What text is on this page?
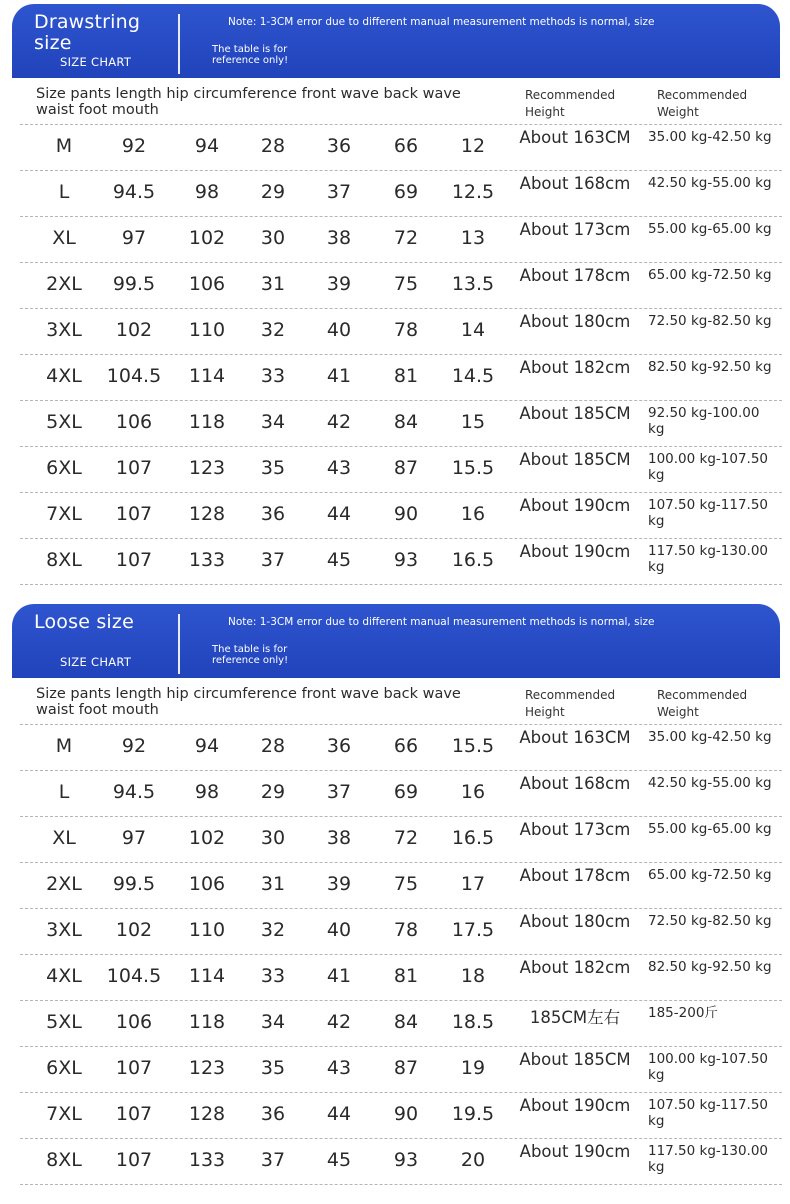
Drawstring size
SIZE CHART
Note: 1-3CM error due to different manual measurement methods is normal, size
The table is for reference only!
Size pants length hip circumference front wave back wave waist foot mouth
Recommended Height
Recommended Weight
M	92	94	28	36	66	12	About 163CM	35.00 kg-42.50 kg
L	94.5	98	29	37	69	12.5	About 168cm	42.50 kg-55.00 kg
XL	97	102	30	38	72	13	About 173cm	55.00 kg-65.00 kg
2XL	99.5	106	31	39	75	13.5	About 178cm	65.00 kg-72.50 kg
3XL	102	110	32	40	78	14	About 180cm	72.50 kg-82.50 kg
4XL	104.5	114	33	41	81	14.5	About 182cm	82.50 kg-92.50 kg
5XL	106	118	34	42	84	15	About 185CM	92.50 kg-100.00 kg
6XL	107	123	35	43	87	15.5	About 185CM	100.00 kg-107.50 kg
7XL	107	128	36	44	90	16	About 190cm	107.50 kg-117.50 kg
8XL	107	133	37	45	93	16.5	About 190cm	117.50 kg-130.00 kg
Loose size
SIZE CHART
Note: 1-3CM error due to different manual measurement methods is normal, size
The table is for reference only!
Size pants length hip circumference front wave back wave waist foot mouth
Recommended Height
Recommended Weight
M	92	94	28	36	66	15.5	About 163CM	35.00 kg-42.50 kg
L	94.5	98	29	37	69	16	About 168cm	42.50 kg-55.00 kg
XL	97	102	30	38	72	16.5	About 173cm	55.00 kg-65.00 kg
2XL	99.5	106	31	39	75	17	About 178cm	65.00 kg-72.50 kg
3XL	102	110	32	40	78	17.5	About 180cm	72.50 kg-82.50 kg
4XL	104.5	114	33	41	81	18	About 182cm	82.50 kg-92.50 kg
5XL	106	118	34	42	84	18.5	185CM左右	185-200斤
6XL	107	123	35	43	87	19	About 185CM	100.00 kg-107.50 kg
7XL	107	128	36	44	90	19.5	About 190cm	107.50 kg-117.50 kg
8XL	107	133	37	45	93	20	About 190cm	117.50 kg-130.00 kg
